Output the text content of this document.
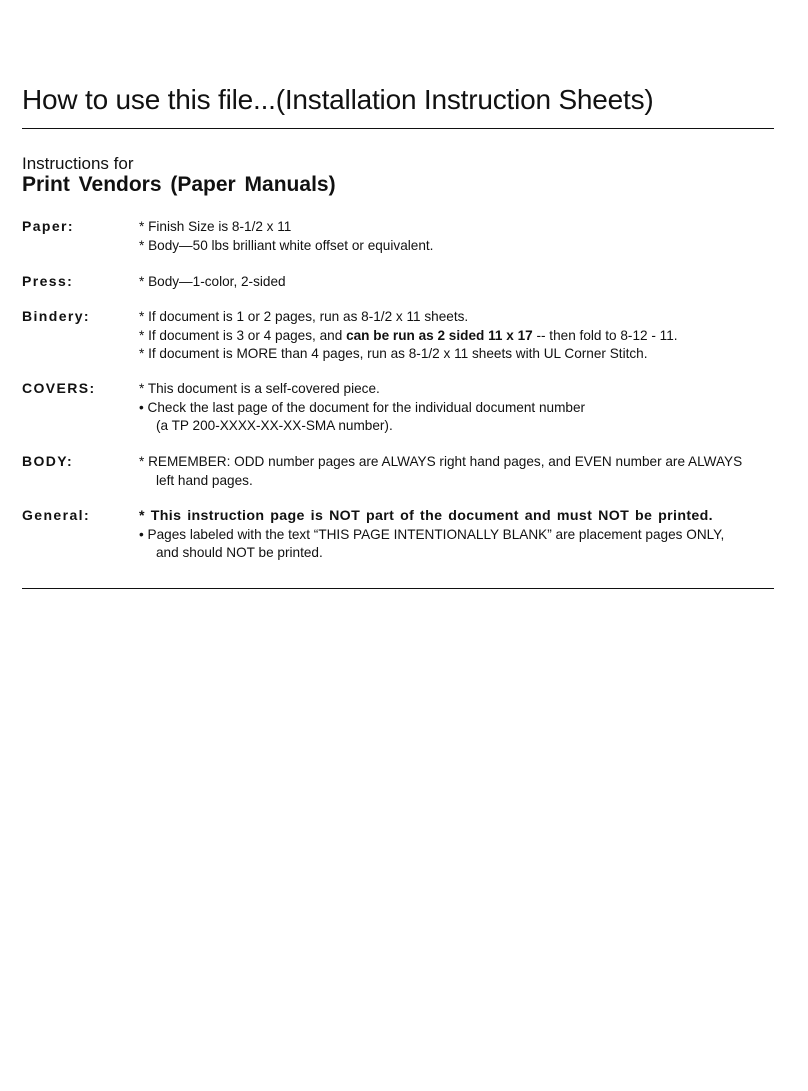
How to use this file...(Installation Instruction Sheets)
Instructions for
Print Vendors (Paper Manuals)
Paper:	* Finish Size is 8-1/2 x 11
* Body—50 lbs brilliant white offset or equivalent.
Press:	* Body—1-color, 2-sided
Bindery:	* If document is 1 or 2 pages, run as 8-1/2 x 11 sheets.
* If document is 3 or 4 pages, and can be run as 2 sided 11 x 17 -- then fold to 8-12 - 11.
* If document is MORE than 4 pages, run as 8-1/2 x 11 sheets with UL Corner Stitch.
COVERS:	* This document is a self-covered piece.
• Check the last page of the document for the individual document number
(a TP 200-XXXX-XX-XX-SMA number).
BODY:	* REMEMBER: ODD number pages are ALWAYS right hand pages, and EVEN number are ALWAYS
left hand pages.
General:	* This instruction page is NOT part of the document and must NOT be printed.
• Pages labeled with the text “THIS PAGE INTENTIONALLY BLANK” are placement pages ONLY,
and should NOT be printed.
